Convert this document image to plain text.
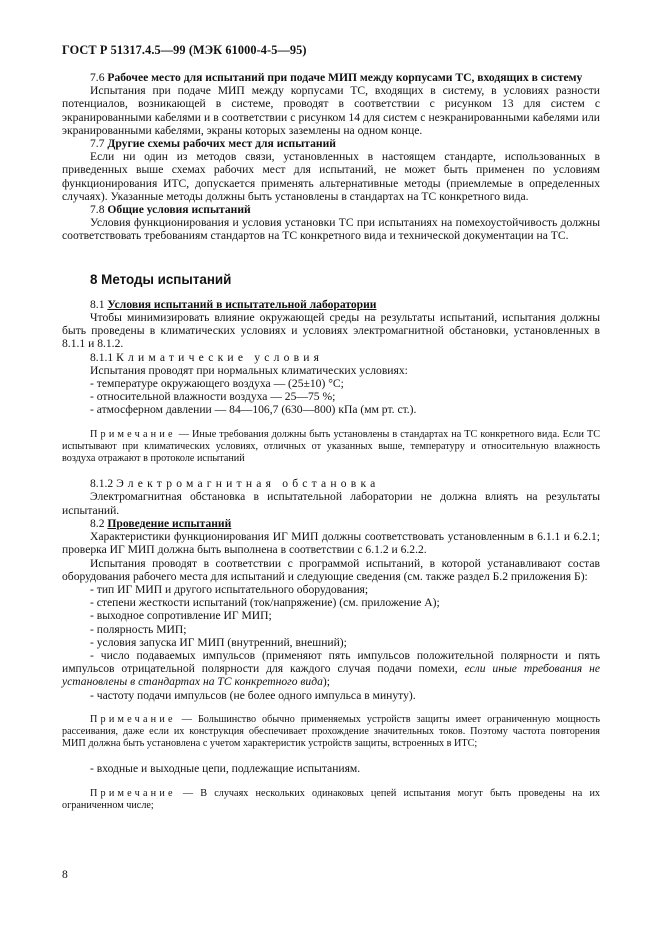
ГОСТ Р 51317.4.5—99 (МЭК 61000-4-5—95)

7.6 Рабочее место для испытаний при подаче МИП между корпусами ТС, входящих в систему

Испытания при подаче МИП между корпусами ТС, входящих в систему, в условиях разности потенциалов, возникающей в системе, проводят в соответствии с рисунком 13 для систем с экранированными кабелями и в соответствии с рисунком 14 для систем с неэкранированными кабелями или экранированными кабелями, экраны которых заземлены на одном конце.

7.7 Другие схемы рабочих мест для испытаний

Если ни один из методов связи, установленных в настоящем стандарте, использованных в приведенных выше схемах рабочих мест для испытаний, не может быть применен по условиям функционирования ИТС, допускается применять альтернативные методы (приемлемые в определенных случаях). Указанные методы должны быть установлены в стандартах на ТС конкретного вида.

7.8 Общие условия испытаний

Условия функционирования и условия установки ТС при испытаниях на помехоустойчивость должны соответствовать требованиям стандартов на ТС конкретного вида и технической документации на ТС.

8 Методы испытаний

8.1 Условия испытаний в испытательной лаборатории

Чтобы минимизировать влияние окружающей среды на результаты испытаний, испытания должны быть проведены в климатических условиях и условиях электромагнитной обстановки, установленных в 8.1.1 и 8.1.2.

8.1.1 Климатические условия

Испытания проводят при нормальных климатических условиях:

- температуре окружающего воздуха — (25±10) °С;

- относительной влажности воздуха — 25—75 %;

- атмосферном давлении — 84—106,7 (630—800) кПа (мм рт. ст.).

Примечание — Иные требования должны быть установлены в стандартах на ТС конкретного вида. Если ТС испытывают при климатических условиях, отличных от указанных выше, температуру и относительную влажность воздуха отражают в протоколе испытаний

8.1.2 Электромагнитная обстановка

Электромагнитная обстановка в испытательной лаборатории не должна влиять на результаты испытаний.

8.2 Проведение испытаний

Характеристики функционирования ИГ МИП должны соответствовать установленным в 6.1.1 и 6.2.1; проверка ИГ МИП должна быть выполнена в соответствии с 6.1.2 и 6.2.2.

Испытания проводят в соответствии с программой испытаний, в которой устанавливают состав оборудования рабочего места для испытаний и следующие сведения (см. также раздел Б.2 приложения Б):

- тип ИГ МИП и другого испытательного оборудования;

- степени жесткости испытаний (ток/напряжение) (см. приложение А);

- выходное сопротивление ИГ МИП;

- полярность МИП;

- условия запуска ИГ МИП (внутренний, внешний);

- число подаваемых импульсов (применяют пять импульсов положительной полярности и пять импульсов отрицательной полярности для каждого случая подачи помехи, если иные требования не установлены в стандартах на ТС конкретного вида);

- частоту подачи импульсов (не более одного импульса в минуту).

Примечание — Большинство обычно применяемых устройств защиты имеет ограниченную мощность рассеивания, даже если их конструкция обеспечивает прохождение значительных токов. Поэтому частота повторения МИП должна быть установлена с учетом характеристик устройств защиты, встроенных в ИТС;

- входные и выходные цепи, подлежащие испытаниям.

Примечание — В случаях нескольких одинаковых цепей испытания могут быть проведены на их ограниченном числе;

8
